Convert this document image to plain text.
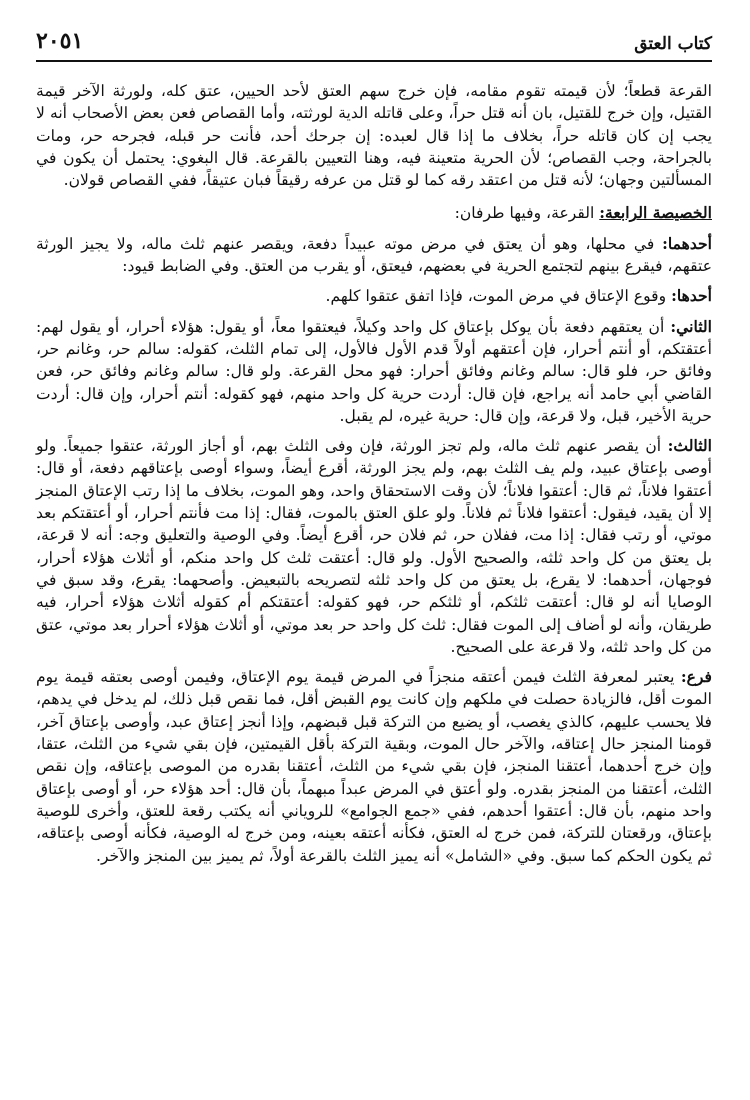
كتاب العتق
٢٠٥١

القرعة قطعاً؛ لأن قيمته تقوم مقامه، فإن خرج سهم العتق لأحد الحيين، عتق كله، ولورثة الآخر قيمة القتيل، وإن خرج للقتيل، بان أنه قتل حراً، وعلى قاتله الدية لورثته، وأما القصاص فعن بعض الأصحاب أنه لا يجب إن كان قاتله حراً، بخلاف ما إذا قال لعبده: إن جرحك أحد، فأنت حر قبله، فجرحه حر، ومات بالجراحة، وجب القصاص؛ لأن الحرية متعينة فيه، وهنا التعيين بالقرعة. قال البغوي: يحتمل أن يكون في المسألتين وجهان؛ لأنه قتل من اعتقد رقه كما لو قتل من عرفه رقيقاً فبان عتيقاً، ففي القصاص قولان.

الخصيصة الرابعة: القرعة، وفيها طرفان:

أحدهما: في محلها، وهو أن يعتق في مرض موته عبيداً دفعة، ويقصر عنهم ثلث ماله، ولا يجيز الورثة عتقهم، فيقرع بينهم لتجتمع الحرية في بعضهم، فيعتق، أو يقرب من العتق. وفي الضابط قيود:

أحدها: وقوع الإعتاق في مرض الموت، فإذا اتفق عتقوا كلهم.

الثاني: أن يعتقهم دفعة بأن يوكل بإعتاق كل واحد وكيلاً، فيعتقوا معاً، أو يقول: هؤلاء أحرار، أو يقول لهم: أعتقتكم، أو أنتم أحرار، فإن أعتقهم أولاً قدم الأول فالأول، إلى تمام الثلث، كقوله: سالم حر، وغانم حر، وفائق حر، فلو قال: سالم وغانم وفائق أحرار: فهو محل القرعة. ولو قال: سالم وغانم وفائق حر، فعن القاضي أبي حامد أنه يراجع، فإن قال: أردت حرية كل واحد منهم، فهو كقوله: أنتم أحرار، وإن قال: أردت حرية الأخير، قبل، ولا قرعة، وإن قال: حرية غيره، لم يقبل.

الثالث: أن يقصر عنهم ثلث ماله، ولم تجز الورثة، فإن وفى الثلث بهم، أو أجاز الورثة، عتقوا جميعاً. ولو أوصى بإعتاق عبيد، ولم يف الثلث بهم، ولم يجز الورثة، أقرع أيضاً، وسواء أوصى بإعتاقهم دفعة، أو قال: أعتقوا فلاناً، ثم قال: أعتقوا فلاناً؛ لأن وقت الاستحقاق واحد، وهو الموت، بخلاف ما إذا رتب الإعتاق المنجز إلا أن يقيد، فيقول: أعتقوا فلاناً ثم فلاناً. ولو علق العتق بالموت، فقال: إذا مت فأنتم أحرار، أو أعتقتكم بعد موتي، أو رتب فقال: إذا مت، ففلان حر، ثم فلان حر، أقرع أيضاً. وفي الوصية والتعليق وجه: أنه لا قرعة، بل يعتق من كل واحد ثلثه، والصحيح الأول. ولو قال: أعتقت ثلث كل واحد منكم، أو أثلاث هؤلاء أحرار، فوجهان، أحدهما: لا يقرع، بل يعتق من كل واحد ثلثه لتصريحه بالتبعيض. وأصحهما: يقرع، وقد سبق في الوصايا أنه لو قال: أعتقت ثلثكم، أو ثلثكم حر، فهو كقوله: أعتقتكم أم كقوله أثلاث هؤلاء أحرار، فيه طريقان، وأنه لو أضاف إلى الموت فقال: ثلث كل واحد حر بعد موتي، أو أثلاث هؤلاء أحرار بعد موتي، عتق من كل واحد ثلثه، ولا قرعة على الصحيح.

فرع: يعتبر لمعرفة الثلث فيمن أعتقه منجزاً في المرض قيمة يوم الإعتاق، وفيمن أوصى بعتقه قيمة يوم الموت أقل، فالزيادة حصلت في ملكهم وإن كانت يوم القبض أقل، فما نقص قبل ذلك، لم يدخل في يدهم، فلا يحسب عليهم، كالذي يغصب، أو يضيع من التركة قبل قبضهم، وإذا أنجز إعتاق عبد، وأوصى بإعتاق آخر، قومنا المنجز حال إعتاقه، والآخر حال الموت، وبقية التركة بأقل القيمتين، فإن بقي شيء من الثلث، عتقا، وإن خرج أحدهما، أعتقنا المنجز، فإن بقي شيء من الثلث، أعتقنا بقدره من الموصى بإعتاقه، وإن نقص الثلث، أعتقنا من المنجز بقدره. ولو أعتق في المرض عبداً مبهماً، بأن قال: أحد هؤلاء حر، أو أوصى بإعتاق واحد منهم، بأن قال: أعتقوا أحدهم، ففي «جمع الجوامع» للروياني أنه يكتب رقعة للعتق، وأخرى للوصية بإعتاق، ورقعتان للتركة، فمن خرج له العتق، فكأنه أعتقه بعينه، ومن خرج له الوصية، فكأنه أوصى بإعتاقه، ثم يكون الحكم كما سبق. وفي «الشامل» أنه يميز الثلث بالقرعة أولاً، ثم يميز بين المنجز والآخر.
